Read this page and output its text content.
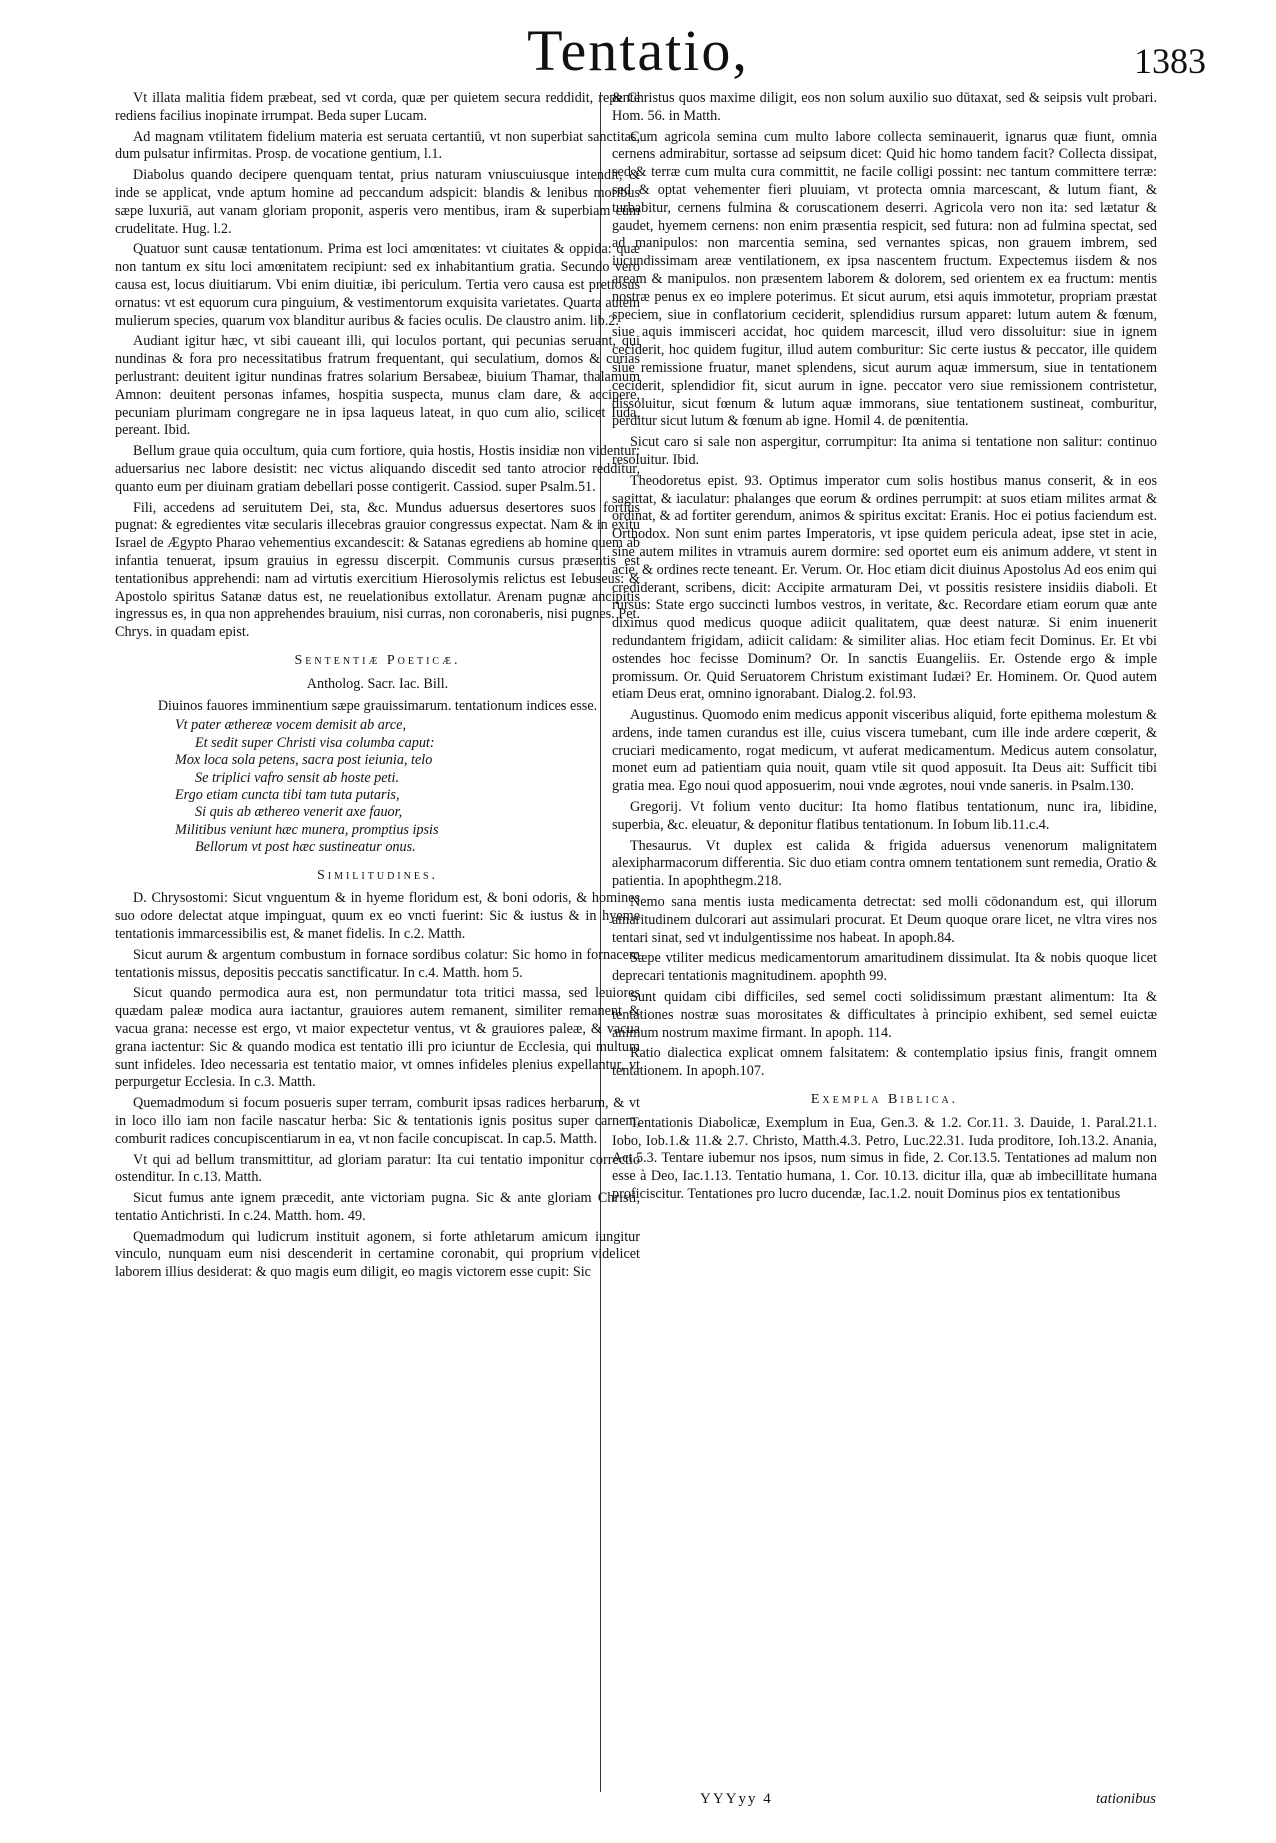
Tentatio,	1383

Vt illata malitia fidem præbeat, sed vt corda, quæ per quietem secura reddidit, repente rediens facilius inopinate irrumpat. Beda super Lucam.

Ad magnam vtilitatem fidelium materia est seruata certantiū, vt non superbiat sanctitas, dum pulsatur infirmitas. Prosp. de vocatione gentium, l.1.

Diabolus quando decipere quenquam tentat, prius naturam vniuscuiusque intendit, & inde se applicat, vnde aptum homine ad peccandum adspicit: blandis & lenibus moribus sæpe luxuriā, aut vanam gloriam proponit, asperis vero mentibus, iram & superbiam cum crudelitate. Hug. l.2.

Quatuor sunt causæ tentationum. Prima est loci amœnitates: vt ciuitates & oppida: quæ non tantum ex situ loci amœnitatem recipiunt: sed ex inhabitantium gratia. Secundo vero causa est, locus diuitiarum. Vbi enim diuitiæ, ibi periculum. Tertia vero causa est pretiosus ornatus: vt est equorum cura pinguium, & vestimentorum exquisita varietates. Quarta autem mulierum species, quarum vox blanditur auribus & facies oculis. De claustro anim. lib.2.

Audiant igitur hæc, vt sibi caueant illi, qui loculos portant, qui pecunias seruant, qui nundinas & fora pro necessitatibus fratrum frequentant, qui seculatium, domos & curias perlustrant: deuitent igitur nundinas fratres solarium Bersabeæ, biuium Thamar, thalamum Amnon: deuitent personas infames, hospitia suspecta, munus clam dare, & accipere, pecuniam plurimam congregare ne in ipsa laqueus lateat, in quo cum alio, scilicet Iuda, pereant. Ibid.

Bellum graue quia occultum, quia cum fortiore, quia hostis, Hostis insidiæ non videntur: aduersarius nec labore desistit: nec victus aliquando discedit sed tanto atrocior redditur, quanto eum per diuinam gratiam debellari posse contigerit. Cassiod. super Psalm.51.

Fili, accedens ad seruitutem Dei, sta, &c. Mundus aduersus desertores suos fortius pugnat: & egredientes vitæ secularis illecebras grauior congressus expectat. Nam & in exitu Israel de Ægypto Pharao vehementius excandescit: & Satanas egrediens ab homine quem ab infantia tenuerat, ipsum grauius in egressu discerpit. Communis cursus præsentis est tentationibus apprehendi: nam ad virtutis exercitium Hierosolymis relictus est Iebuseus: & Apostolo spiritus Satanæ datus est, ne reuelationibus extollatur. Arenam pugnæ ancipitis ingressus es, in qua non apprehendes brauium, nisi curras, non coronaberis, nisi pugnes. Pet. Chrys. in quadam epist.

Sententiæ Poeticæ.
Antholog. Sacr. Iac. Bill.
Diuinos fauores imminentium sæpe grauissimarum. tentationum indices esse.

Vt pater æthereæ vocem demisit ab arce,

Et sedit super Christi visa columba caput:

Mox loca sola petens, sacra post ieiunia, telo

Se triplici vafro sensit ab hoste peti.

Ergo etiam cuncta tibi tam tuta putaris,

Si quis ab æthereo venerit axe fauor,

Militibus veniunt hæc munera, promptius ipsis

Bellorum vt post hæc sustineatur onus.

Similitudines.

D. Chrysostomi: Sicut vnguentum & in hyeme floridum est, & boni odoris, & homines suo odore delectat atque impinguat, quum ex eo vncti fuerint: Sic & iustus & in hyeme tentationis immarcessibilis est, & manet fidelis. In c.2. Matth.

Sicut aurum & argentum combustum in fornace sordibus colatur: Sic homo in fornacem tentationis missus, depositis peccatis sanctificatur. In c.4. Matth. hom 5.

Sicut quando permodica aura est, non permundatur tota tritici massa, sed leuiores quædam paleæ modica aura iactantur, grauiores autem remanent, similiter remanent & vacua grana: necesse est ergo, vt maior expectetur ventus, vt & grauiores paleæ, & vacua grana iactentur: Sic & quando modica est tentatio illi pro iciuntur de Ecclesia, qui multum sunt infideles. Ideo necessaria est tentatio maior, vt omnes infideles plenius expellantur, vt perpurgetur Ecclesia. In c.3. Matth.

Quemadmodum si focum posueris super terram, comburit ipsas radices herbarum, & vt in loco illo iam non facile nascatur herba: Sic & tentationis ignis positus super carnem, comburit radices concupiscentiarum in ea, vt non facile concupiscat. In cap.5. Matth.

Vt qui ad bellum transmittitur, ad gloriam paratur: Ita cui tentatio imponitur correctio ostenditur. In c.13. Matth.

Sicut fumus ante ignem præcedit, ante victoriam pugna. Sic & ante gloriam Christi, tentatio Antichristi. In c.24. Matth. hom. 49.

Quemadmodum qui ludicrum instituit agonem, si forte athletarum amicum iungitur vinculo, nunquam eum nisi descenderit in certamine coronabit, qui proprium videlicet laborem illius desiderat: & quo magis eum diligit, eo magis victorem esse cupit: Sic

& Christus quos maxime diligit, eos non solum auxilio suo dūtaxat, sed & seipsis vult probari. Hom. 56. in Matth.

Cum agricola semina cum multo labore collecta seminauerit, ignarus quæ fiunt, omnia cernens admirabitur, sortasse ad seipsum dicet: Quid hic homo tandem facit? Collecta dissipat, sed & terræ cum multa cura committit, ne facile colligi possint: nec tantum committere terræ: sed & optat vehementer fieri pluuiam, vt protecta omnia marcescant, & lutum fiant, & turbabitur, cernens fulmina & coruscationem deserri. Agricola vero non ita: sed lætatur & gaudet, hyemem cernens: non enim præsentia respicit, sed futura: non ad fulmina spectat, sed ad manipulos: non marcentia semina, sed vernantes spicas, non grauem imbrem, sed iucundissimam areæ ventilationem, ex ipsa nascentem fructum. Expectemus iisdem & nos aream & manipulos. non præsentem laborem & dolorem, sed orientem ex ea fructum: mentis nostræ penus ex eo implere poterimus. Et sicut aurum, etsi aquis immotetur, propriam præstat speciem, siue in conflatorium ceciderit, splendidius rursum apparet: lutum autem & fœnum, siue aquis immisceri accidat, hoc quidem marcescit, illud vero dissoluitur: siue in ignem ceciderit, hoc quidem fugitur, illud autem comburitur: Sic certe iustus & peccator, ille quidem siue remissione fruatur, manet splendens, sicut aurum aquæ immersum, siue in tentationem ceciderit, splendidior fit, sicut aurum in igne. peccator vero siue remissionem contristetur, dissoluitur, sicut fœnum & lutum aquæ immorans, siue tentationem sustineat, comburitur, perditur sicut lutum & fœnum ab igne. Homil 4. de pœnitentia.

Sicut caro si sale non aspergitur, corrumpitur: Ita anima si tentatione non salitur: continuo resoluitur. Ibid.

Theodoretus epist. 93. Optimus imperator cum solis hostibus manus conserit, & in eos sagittat, & iaculatur: phalanges que eorum & ordines perrumpit: at suos etiam milites armat & ordinat, & ad fortiter gerendum, animos & spiritus excitat: Eranis. Hoc ei potius faciendum est. Orthodox. Non sunt enim partes Imperatoris, vt ipse quidem pericula adeat, ipse stet in acie, sine autem milites in vtramuis aurem dormire: sed oportet eum eis animum addere, vt stent in acie, & ordines recte teneant. Er. Verum. Or. Hoc etiam dicit diuinus Apostolus Ad eos enim qui crediderant, scribens, dicit: Accipite armaturam Dei, vt possitis resistere insidiis diaboli. Et rursus: State ergo succincti lumbos vestros, in veritate, &c. Recordare etiam eorum quæ ante diximus quod medicus quoque adiicit qualitatem, quæ deest naturæ. Si enim inuenerit redundantem frigidam, adiicit calidam: & similiter alias. Hoc etiam fecit Dominus. Er. Et vbi ostendes hoc fecisse Dominum? Or. In sanctis Euangeliis. Er. Ostende ergo & imple promissum. Or. Quid Seruatorem Christum existimant Iudæi? Er. Hominem. Or. Quod autem etiam Deus erat, omnino ignorabant. Dialog.2. fol.93.

Augustinus. Quomodo enim medicus apponit visceribus aliquid, forte epithema molestum & ardens, inde tamen curandus est ille, cuius viscera tumebant, cum ille inde ardere cœperit, & cruciari medicamento, rogat medicum, vt auferat medicamentum. Medicus autem consolatur, monet eum ad patientiam quia nouit, quam vtile sit quod apposuit. Ita Deus ait: Sufficit tibi gratia mea. Ego noui quod apposuerim, noui vnde ægrotes, noui vnde saneris. in Psalm.130.

Gregorij. Vt folium vento ducitur: Ita homo flatibus tentationum, nunc ira, libidine, superbia, &c. eleuatur, & deponitur flatibus tentationum. In Iobum lib.11.c.4.

Thesaurus. Vt duplex est calida & frigida aduersus venenorum malignitatem alexipharmacorum differentia. Sic duo etiam contra omnem tentationem sunt remedia, Oratio & patientia. In apophthegm.218.

Nemo sana mentis iusta medicamenta detrectat: sed molli cōdonandum est, qui illorum amaritudinem dulcorari aut assimulari procurat. Et Deum quoque orare licet, ne vltra vires nos tentari sinat, sed vt indulgentissime nos habeat. In apoph.84.

Sæpe vtiliter medicus medicamentorum amaritudinem dissimulat. Ita & nobis quoque licet deprecari tentationis magnitudinem. apophth 99.

Sunt quidam cibi difficiles, sed semel cocti solidissimum præstant alimentum: Ita & tentationes nostræ suas morositates & difficultates à principio exhibent, sed semel euictæ animum nostrum maxime firmant. In apoph. 114.

Ratio dialectica explicat omnem falsitatem: & contemplatio ipsius finis, frangit omnem tentationem. In apoph.107.

Exempla Biblica.

Tentationis Diabolicæ, Exemplum in Eua, Gen.3. & 1.2. Cor.11. 3. Dauide, 1. Paral.21.1. Iobo, Iob.1.& 11.& 2.7. Christo, Matth.4.3. Petro, Luc.22.31. Iuda proditore, Ioh.13.2. Anania, Act.5.3. Tentare iubemur nos ipsos, num simus in fide, 2. Cor.13.5. Tentationes ad malum non esse à Deo, Iac.1.13. Tentatio humana, 1. Cor. 10.13. dicitur illa, quæ ab imbecillitate humana proficiscitur. Tentationes pro lucro ducendæ, Iac.1.2. nouit Dominus pios ex tentationibus

YYYyy 4	tationibus
